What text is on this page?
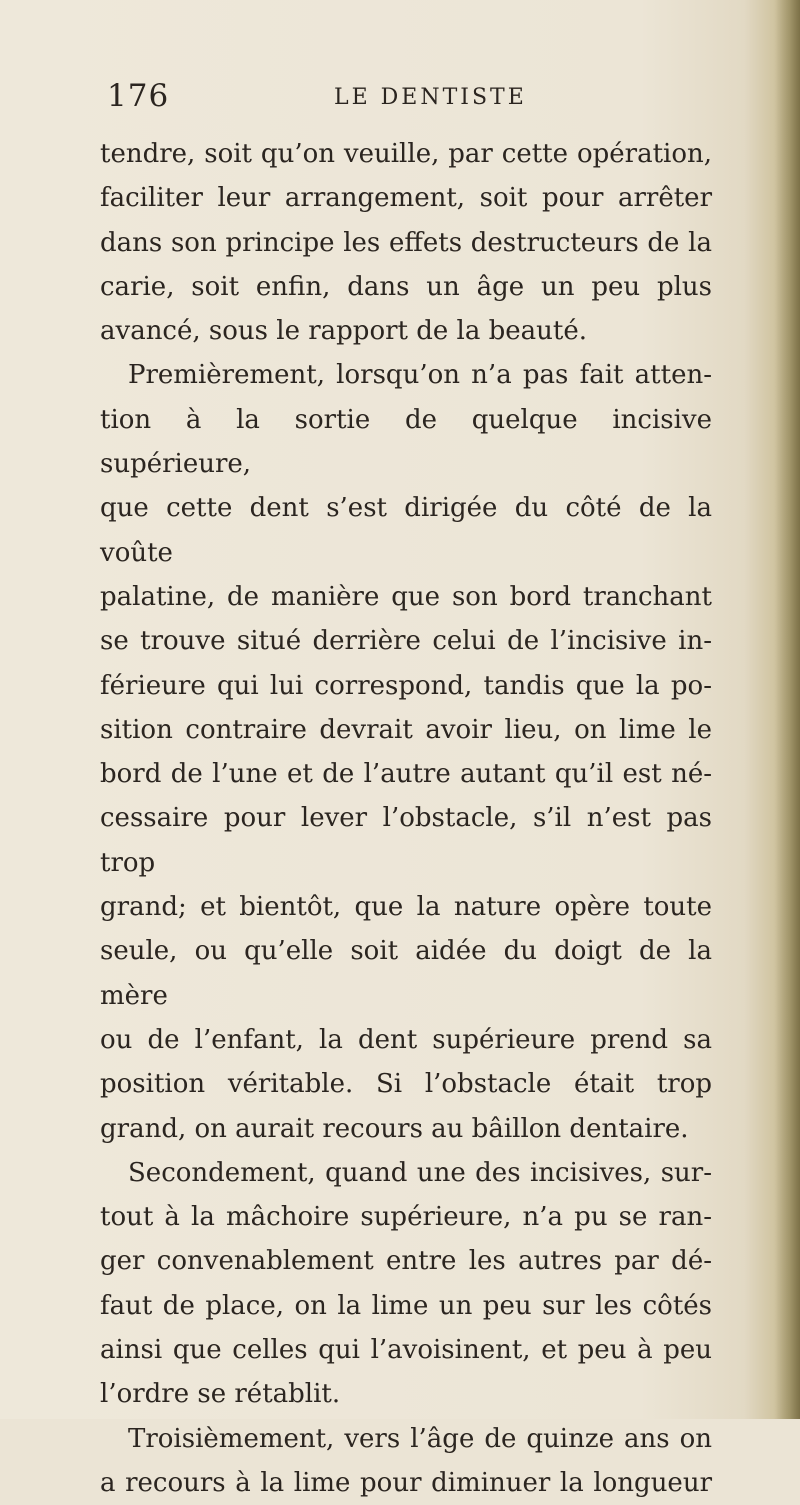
176	LE DENTISTE

tendre, soit qu’on veuille, par cette opération,

faciliter leur arrangement, soit pour arrêter

dans son principe les effets destructeurs de la

carie, soit enfin, dans un âge un peu plus

avancé, sous le rapport de la beauté.

Premièrement, lorsqu’on n’a pas fait atten-

tion à la sortie de quelque incisive supérieure,

que cette dent s’est dirigée du côté de la voûte

palatine, de manière que son bord tranchant

se trouve situé derrière celui de l’incisive in-

férieure qui lui correspond, tandis que la po-

sition contraire devrait avoir lieu, on lime le

bord de l’une et de l’autre autant qu’il est né-

cessaire pour lever l’obstacle, s’il n’est pas trop

grand; et bientôt, que la nature opère toute

seule, ou qu’elle soit aidée du doigt de la mère

ou de l’enfant, la dent supérieure prend sa

position véritable. Si l’obstacle était trop

grand, on aurait recours au bâillon dentaire.

Secondement, quand une des incisives, sur-

tout à la mâchoire supérieure, n’a pu se ran-

ger convenablement entre les autres par dé-

faut de place, on la lime un peu sur les côtés

ainsi que celles qui l’avoisinent, et peu à peu

l’ordre se rétablit.

Troisièmement, vers l’âge de quinze ans on

a recours à la lime pour diminuer la longueur
